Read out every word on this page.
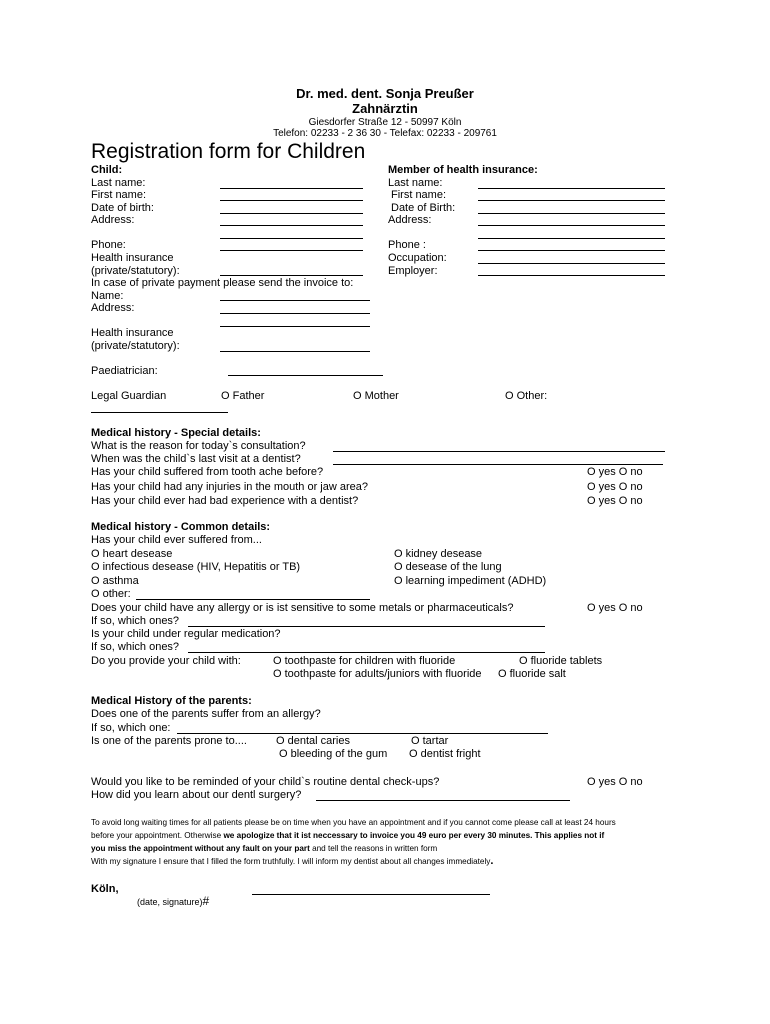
Dr. med. dent. Sonja Preußer
Zahnärztin
Giesdorfer Straße 12 - 50997 Köln
Telefon: 02233 - 2 36 30 - Telefax: 02233 - 209761
Registration form for Children
Child:
Last name:
First name:
Date of birth:
Address:
Phone:
Health insurance
(private/statutory):
Member of health insurance:
Last name:
First name:
Date of Birth:
Address:
Phone :
Occupation:
Employer:
In case of private payment please send the invoice to:
Name:
Address:
Health insurance
(private/statutory):
Paediatrician:
Legal Guardian	O Father	O Mother	O Other:
Medical history - Special details:
What is the reason for today`s consultation?
When was the child`s last visit at a dentist?
Has your child suffered from tooth ache before?	O yes O no
Has your child had any injuries in the mouth or jaw area?	O yes O no
Has your child ever had bad experience with a dentist?	O yes O no
Medical history - Common details:
Has your child ever suffered from...
O heart desease	O kidney desease
O infectious desease (HIV, Hepatitis or TB)	O desease of the lung
O asthma	O learning impediment (ADHD)
O other:
Does your child have any allergy or is ist sensitive to some metals or pharmaceuticals?	O yes O no
If so, which ones?
Is your child under regular medication?
If so, which ones?
Do you provide your child with:	O toothpaste for children with fluoride	O fluoride tablets
O toothpaste for adults/juniors with fluoride O fluoride salt
Medical History of the parents:
Does one of the parents suffer from an allergy?
If so, which one:
Is one of the parents prone to....	O dental caries	O tartar
O bleeding of the gum O dentist fright
Would you like to be reminded of your child`s routine dental check-ups?	O yes O no
How did you learn about our dentl surgery?
To avoid long waiting times for all patients please be on time when you have an appointment and if you cannot come please call at least 24 hours
before your appointment. Otherwise we apologize that it ist neccessary to invoice you 49 euro per every 30 minutes. This applies not if
you miss the appointment without any fault on your part and tell the reasons in written form
With my signature I ensure that I filled the form truthfully. I will inform my dentist about all changes immediately.
Köln,
(date, signature)#
